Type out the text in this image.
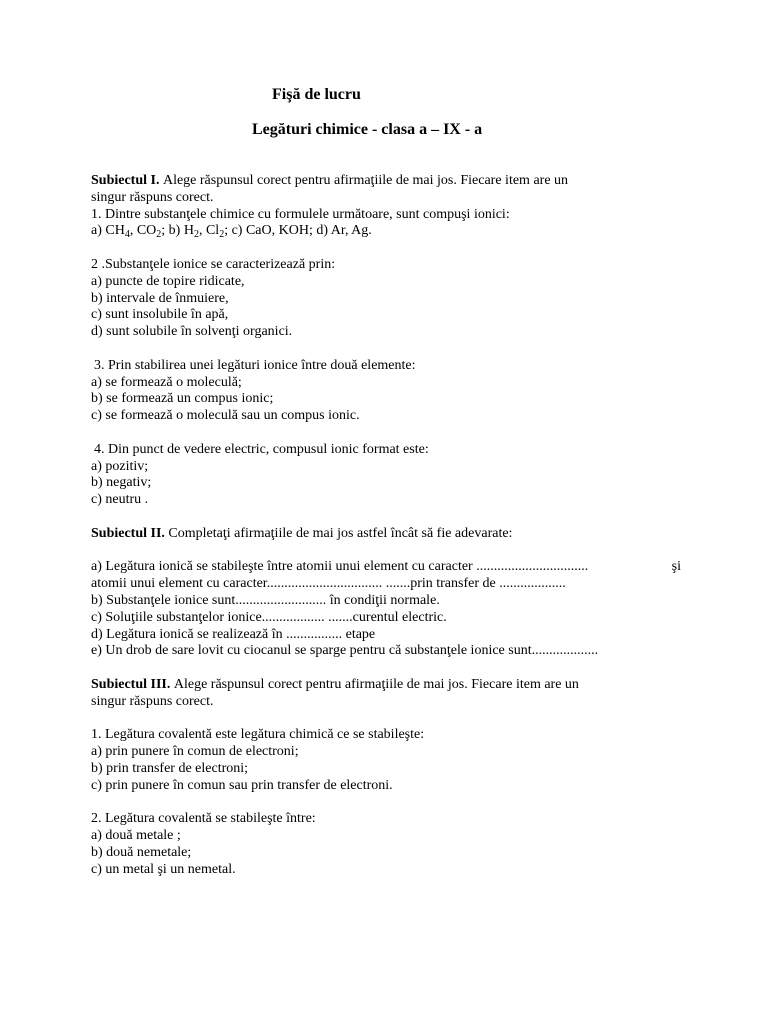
Fişă de lucru
Legături chimice - clasa a – IX - a
Subiectul I. Alege răspunsul corect pentru afirmaţiile de mai jos. Fiecare item are un
singur răspuns corect.
1. Dintre substanţele chimice cu formulele următoare, sunt compuşi ionici:
a) $CH_4$, $CO_2$; b) $H_2$, $Cl_2$; c) CaO, KOH; d) Ar, Ag.
2 .Substanţele ionice se caracterizează prin:
a) puncte de topire ridicate,
b) intervale de înmuiere,
c) sunt insolubile în apă,
d) sunt solubile în solvenţi organici.
3. Prin stabilirea unei legături ionice între două elemente:
a) se formează o moleculă;
b) se formează un compus ionic;
c) se formează o moleculă sau un compus ionic.
4. Din punct de vedere electric, compusul ionic format este:
a) pozitiv;
b) negativ;
c) neutru .
Subiectul II. Completaţi afirmaţiile de mai jos astfel încât să fie adevarate:
a) Legătura ionică se stabileşte între atomii unui element cu caracter ................................	şi
atomii unui element cu caracter................................. .......prin transfer de ...................
b) Substanţele ionice sunt.......................... în condiţii normale.
c) Soluţiile substanţelor ionice.................. .......curentul electric.
d) Legătura ionică se realizează în ................ etape
e) Un drob de sare lovit cu ciocanul se sparge pentru că substanţele ionice sunt...................
Subiectul III. Alege răspunsul corect pentru afirmaţiile de mai jos. Fiecare item are un
singur răspuns corect.
1. Legătura covalentă este legătura chimică ce se stabileşte:
a) prin punere în comun de electroni;
b) prin transfer de electroni;
c) prin punere în comun sau prin transfer de electroni.
2. Legătura covalentă se stabileşte între:
a) două metale ;
b) două nemetale;
c) un metal şi un nemetal.
